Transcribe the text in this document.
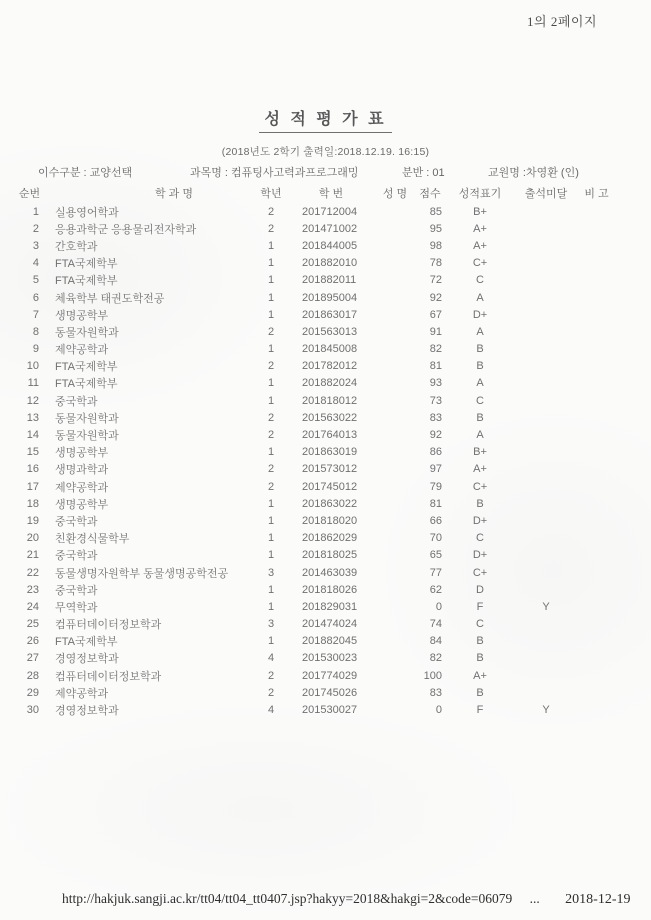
1의 2페이지
성 적 평 가 표
(2018년도 2학기 출력일:2018.12.19. 16:15)
이수구분 : 교양선택	과목명 : 컴퓨팅사고력과프로그래밍	분반 : 01	교원명 :차영환 (인)
순번	학 과 명	학년	학 번	성 명	점수	성적표기	출석미달	비 고
1	실용영어학과	2	201712004		85	B+		
2	응용과학군 응용물리전자학과	2	201471002		95	A+		
3	간호학과	1	201844005		98	A+		
4	FTA국제학부	1	201882010		78	C+		
5	FTA국제학부	1	201882011		72	C		
6	체육학부 태권도학전공	1	201895004		92	A		
7	생명공학부	1	201863017		67	D+		
8	동물자원학과	2	201563013		91	A		
9	제약공학과	1	201845008		82	B		
10	FTA국제학부	2	201782012		81	B		
11	FTA국제학부	1	201882024		93	A		
12	중국학과	1	201818012		73	C		
13	동물자원학과	2	201563022		83	B		
14	동물자원학과	2	201764013		92	A		
15	생명공학부	1	201863019		86	B+		
16	생명과학과	2	201573012		97	A+		
17	제약공학과	2	201745012		79	C+		
18	생명공학부	1	201863022		81	B		
19	중국학과	1	201818020		66	D+		
20	친환경식물학부	1	201862029		70	C		
21	중국학과	1	201818025		65	D+		
22	동물생명자원학부 동물생명공학전공	3	201463039		77	C+		
23	중국학과	1	201818026		62	D		
24	무역학과	1	201829031		0	F	Y	
25	컴퓨터데이터정보학과	3	201474024		74	C		
26	FTA국제학부	1	201882045		84	B		
27	경영정보학과	4	201530023		82	B		
28	컴퓨터데이터정보학과	2	201774029		100	A+		
29	제약공학과	2	201745026		83	B		
30	경영정보학과	4	201530027		0	F	Y	
http://hakjuk.sangji.ac.kr/tt04/tt04_tt0407.jsp?hakyy=2018&hakgi=2&code=06079 ... 2018-12-19
